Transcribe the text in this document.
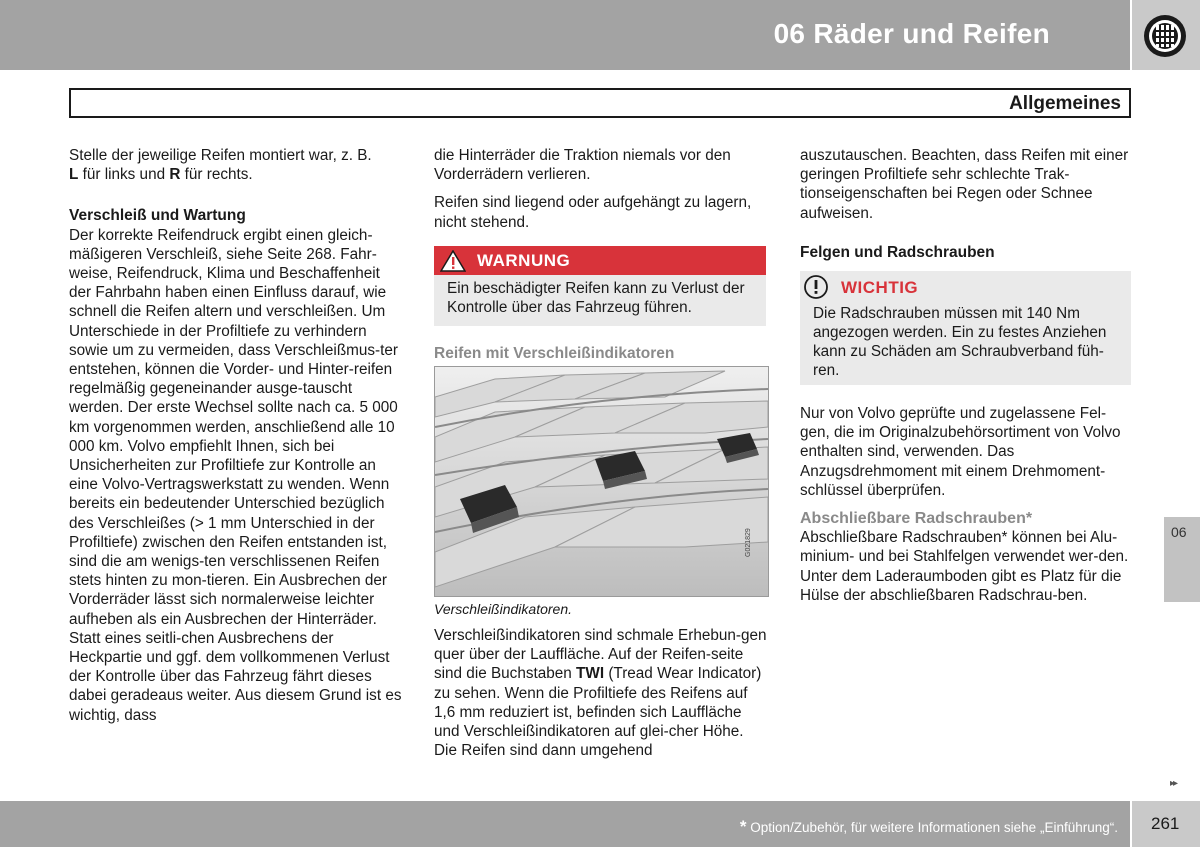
06 Räder und Reifen
Allgemeines

Stelle der jeweilige Reifen montiert war, z. B.
L für links und R für rechts.

Verschleiß und Wartung

Der korrekte Reifendruck ergibt einen gleich-mäßigeren Verschleiß, siehe Seite 268. Fahr-weise, Reifendruck, Klima und Beschaffenheit der Fahrbahn haben einen Einfluss darauf, wie schnell die Reifen altern und verschleißen. Um Unterschiede in der Profiltiefe zu verhindern sowie um zu vermeiden, dass Verschleißmus-ter entstehen, können die Vorder- und Hinter-reifen regelmäßig gegeneinander ausge-tauscht werden. Der erste Wechsel sollte nach ca. 5 000 km vorgenommen werden, anschließend alle 10 000 km. Volvo empfiehlt Ihnen, sich bei Unsicherheiten zur Profiltiefe zur Kontrolle an eine Volvo-Vertragswerkstatt zu wenden. Wenn bereits ein bedeutender Unterschied bezüglich des Verschleißes (> 1 mm Unterschied in der Profiltiefe) zwischen den Reifen entstanden ist, sind die am wenigs-ten verschlissenen Reifen stets hinten zu mon-tieren. Ein Ausbrechen der Vorderräder lässt sich normalerweise leichter aufheben als ein Ausbrechen der Hinterräder. Statt eines seitli-chen Ausbrechens der Heckpartie und ggf. dem vollkommenen Verlust der Kontrolle über das Fahrzeug fährt dieses dabei geradeaus weiter. Aus diesem Grund ist es wichtig, dass

die Hinterräder die Traktion niemals vor den Vorderrädern verlieren.

Reifen sind liegend oder aufgehängt zu lagern, nicht stehend.

WARNUNG
Ein beschädigter Reifen kann zu Verlust der Kontrolle über das Fahrzeug führen.
Reifen mit Verschleißindikatoren
G021829
Verschleißindikatoren.

Verschleißindikatoren sind schmale Erhebun-gen quer über der Lauffläche. Auf der Reifen-seite sind die Buchstaben TWI (Tread Wear Indicator) zu sehen. Wenn die Profiltiefe des Reifens auf 1,6 mm reduziert ist, befinden sich Lauffläche und Verschleißindikatoren auf glei-cher Höhe. Die Reifen sind dann umgehend

auszutauschen. Beachten, dass Reifen mit einer geringen Profiltiefe sehr schlechte Trak-tionseigenschaften bei Regen oder Schnee aufweisen.

Felgen und Radschrauben

WICHTIG
Die Radschrauben müssen mit 140 Nm angezogen werden. Ein zu festes Anziehen kann zu Schäden am Schraubverband füh-ren.

Nur von Volvo geprüfte und zugelassene Fel-gen, die im Originalzubehörsortiment von Volvo enthalten sind, verwenden. Das Anzugsdrehmoment mit einem Drehmoment-schlüssel überprüfen.

Abschließbare Radschrauben*

Abschließbare Radschrauben* können bei Alu-minium- und bei Stahlfelgen verwendet wer-den. Unter dem Laderaumboden gibt es Platz für die Hülse der abschließbaren Radschrau-ben.

06
▸▸
* Option/Zubehör, für weitere Informationen siehe „Einführung“. 261
